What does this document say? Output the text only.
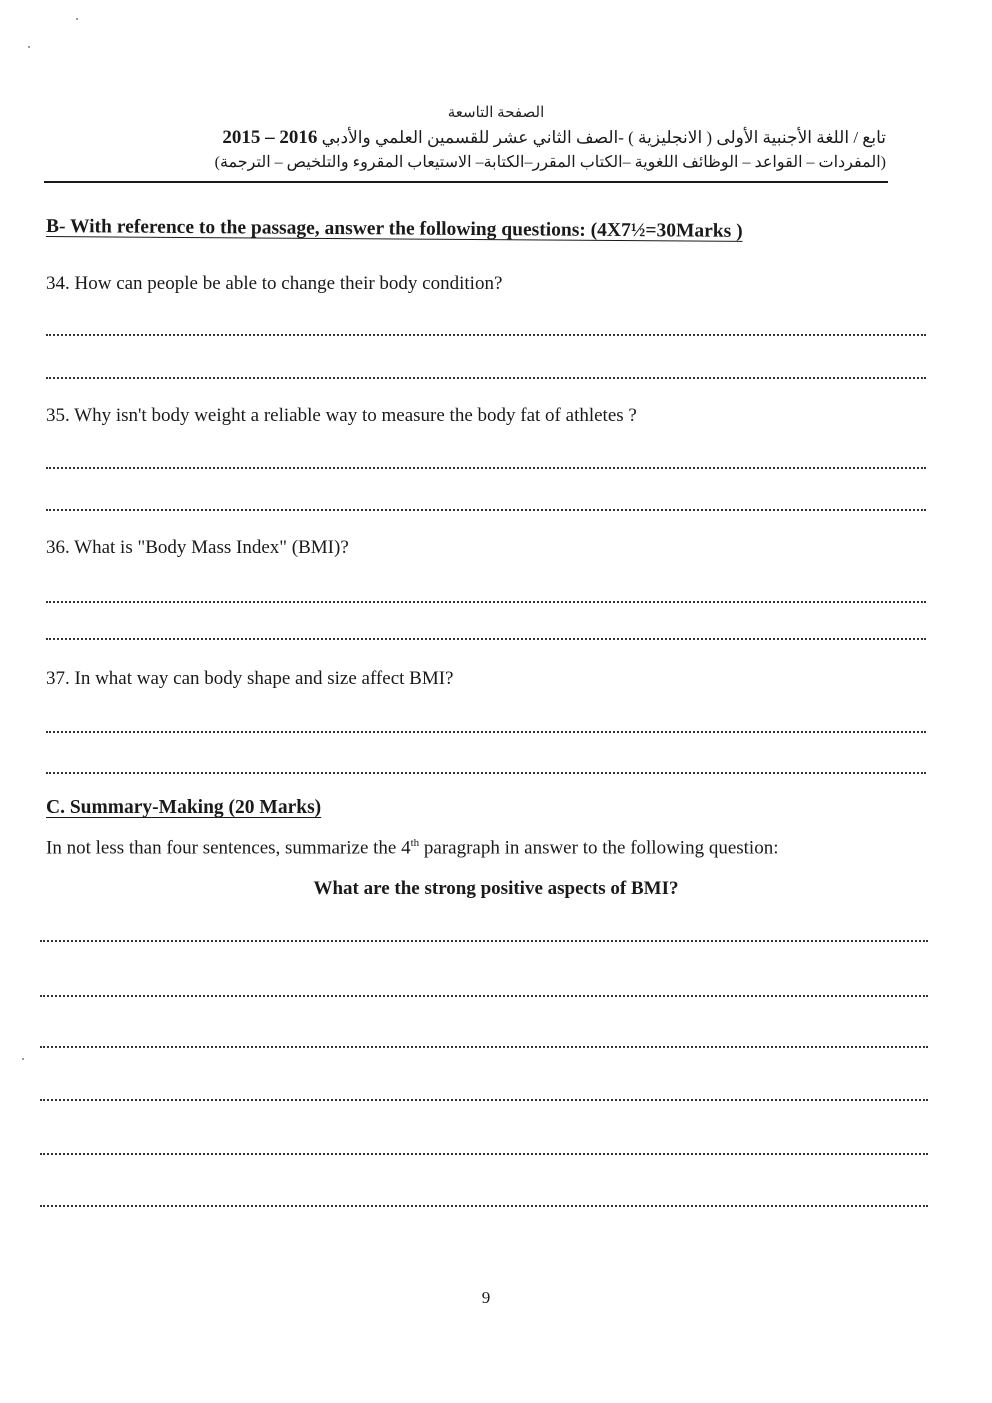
الصفحة التاسعة
تابع / اللغة الأجنبية الأولى ( الانجليزية ) -الصف الثاني عشر للقسمين العلمي والأدبي 2015 – 2016
(المفردات – القواعد – الوظائف اللغوية –الكتاب المقرر–الكتابة– الاستيعاب المقروء والتلخيص – الترجمة)
B- With reference to the passage, answer the following questions: (4X7½=30Marks )
34. How can people be able to change their body condition?
35. Why isn't body weight a reliable way to measure the body fat of athletes ?
36. What is "Body Mass Index" (BMI)?
37. In what way can body shape and size affect BMI?
C. Summary-Making (20 Marks)
In not less than four sentences, summarize the 4th paragraph in answer to the following question:
What are the strong positive aspects of BMI?
9
